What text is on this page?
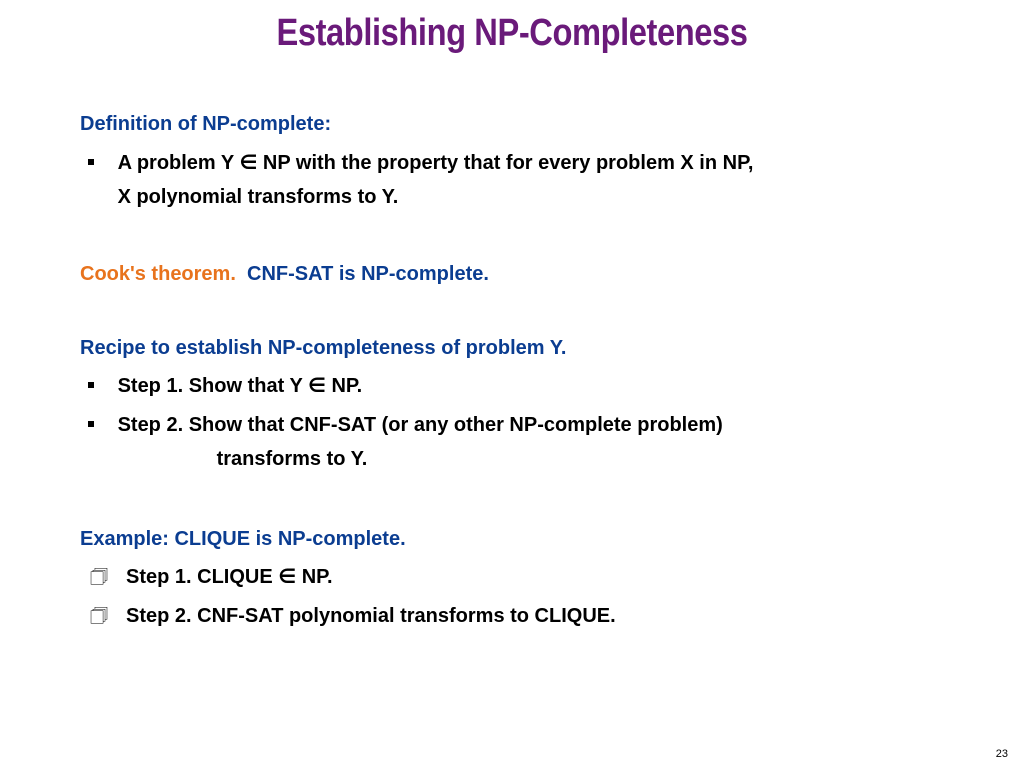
Establishing NP-Completeness
Definition of NP-complete:
A problem Y ∈ NP with the property that for every problem X in NP,
X polynomial transforms to Y.
Cook's theorem. CNF-SAT is NP-complete.
Recipe to establish NP-completeness of problem Y.
Step 1. Show that Y ∈ NP.
Step 2. Show that CNF-SAT (or any other NP-complete problem)
transforms to Y.
Example: CLIQUE is NP-complete.
🗇 Step 1. CLIQUE ∈ NP.
🗇 Step 2. CNF-SAT polynomial transforms to CLIQUE.
23
